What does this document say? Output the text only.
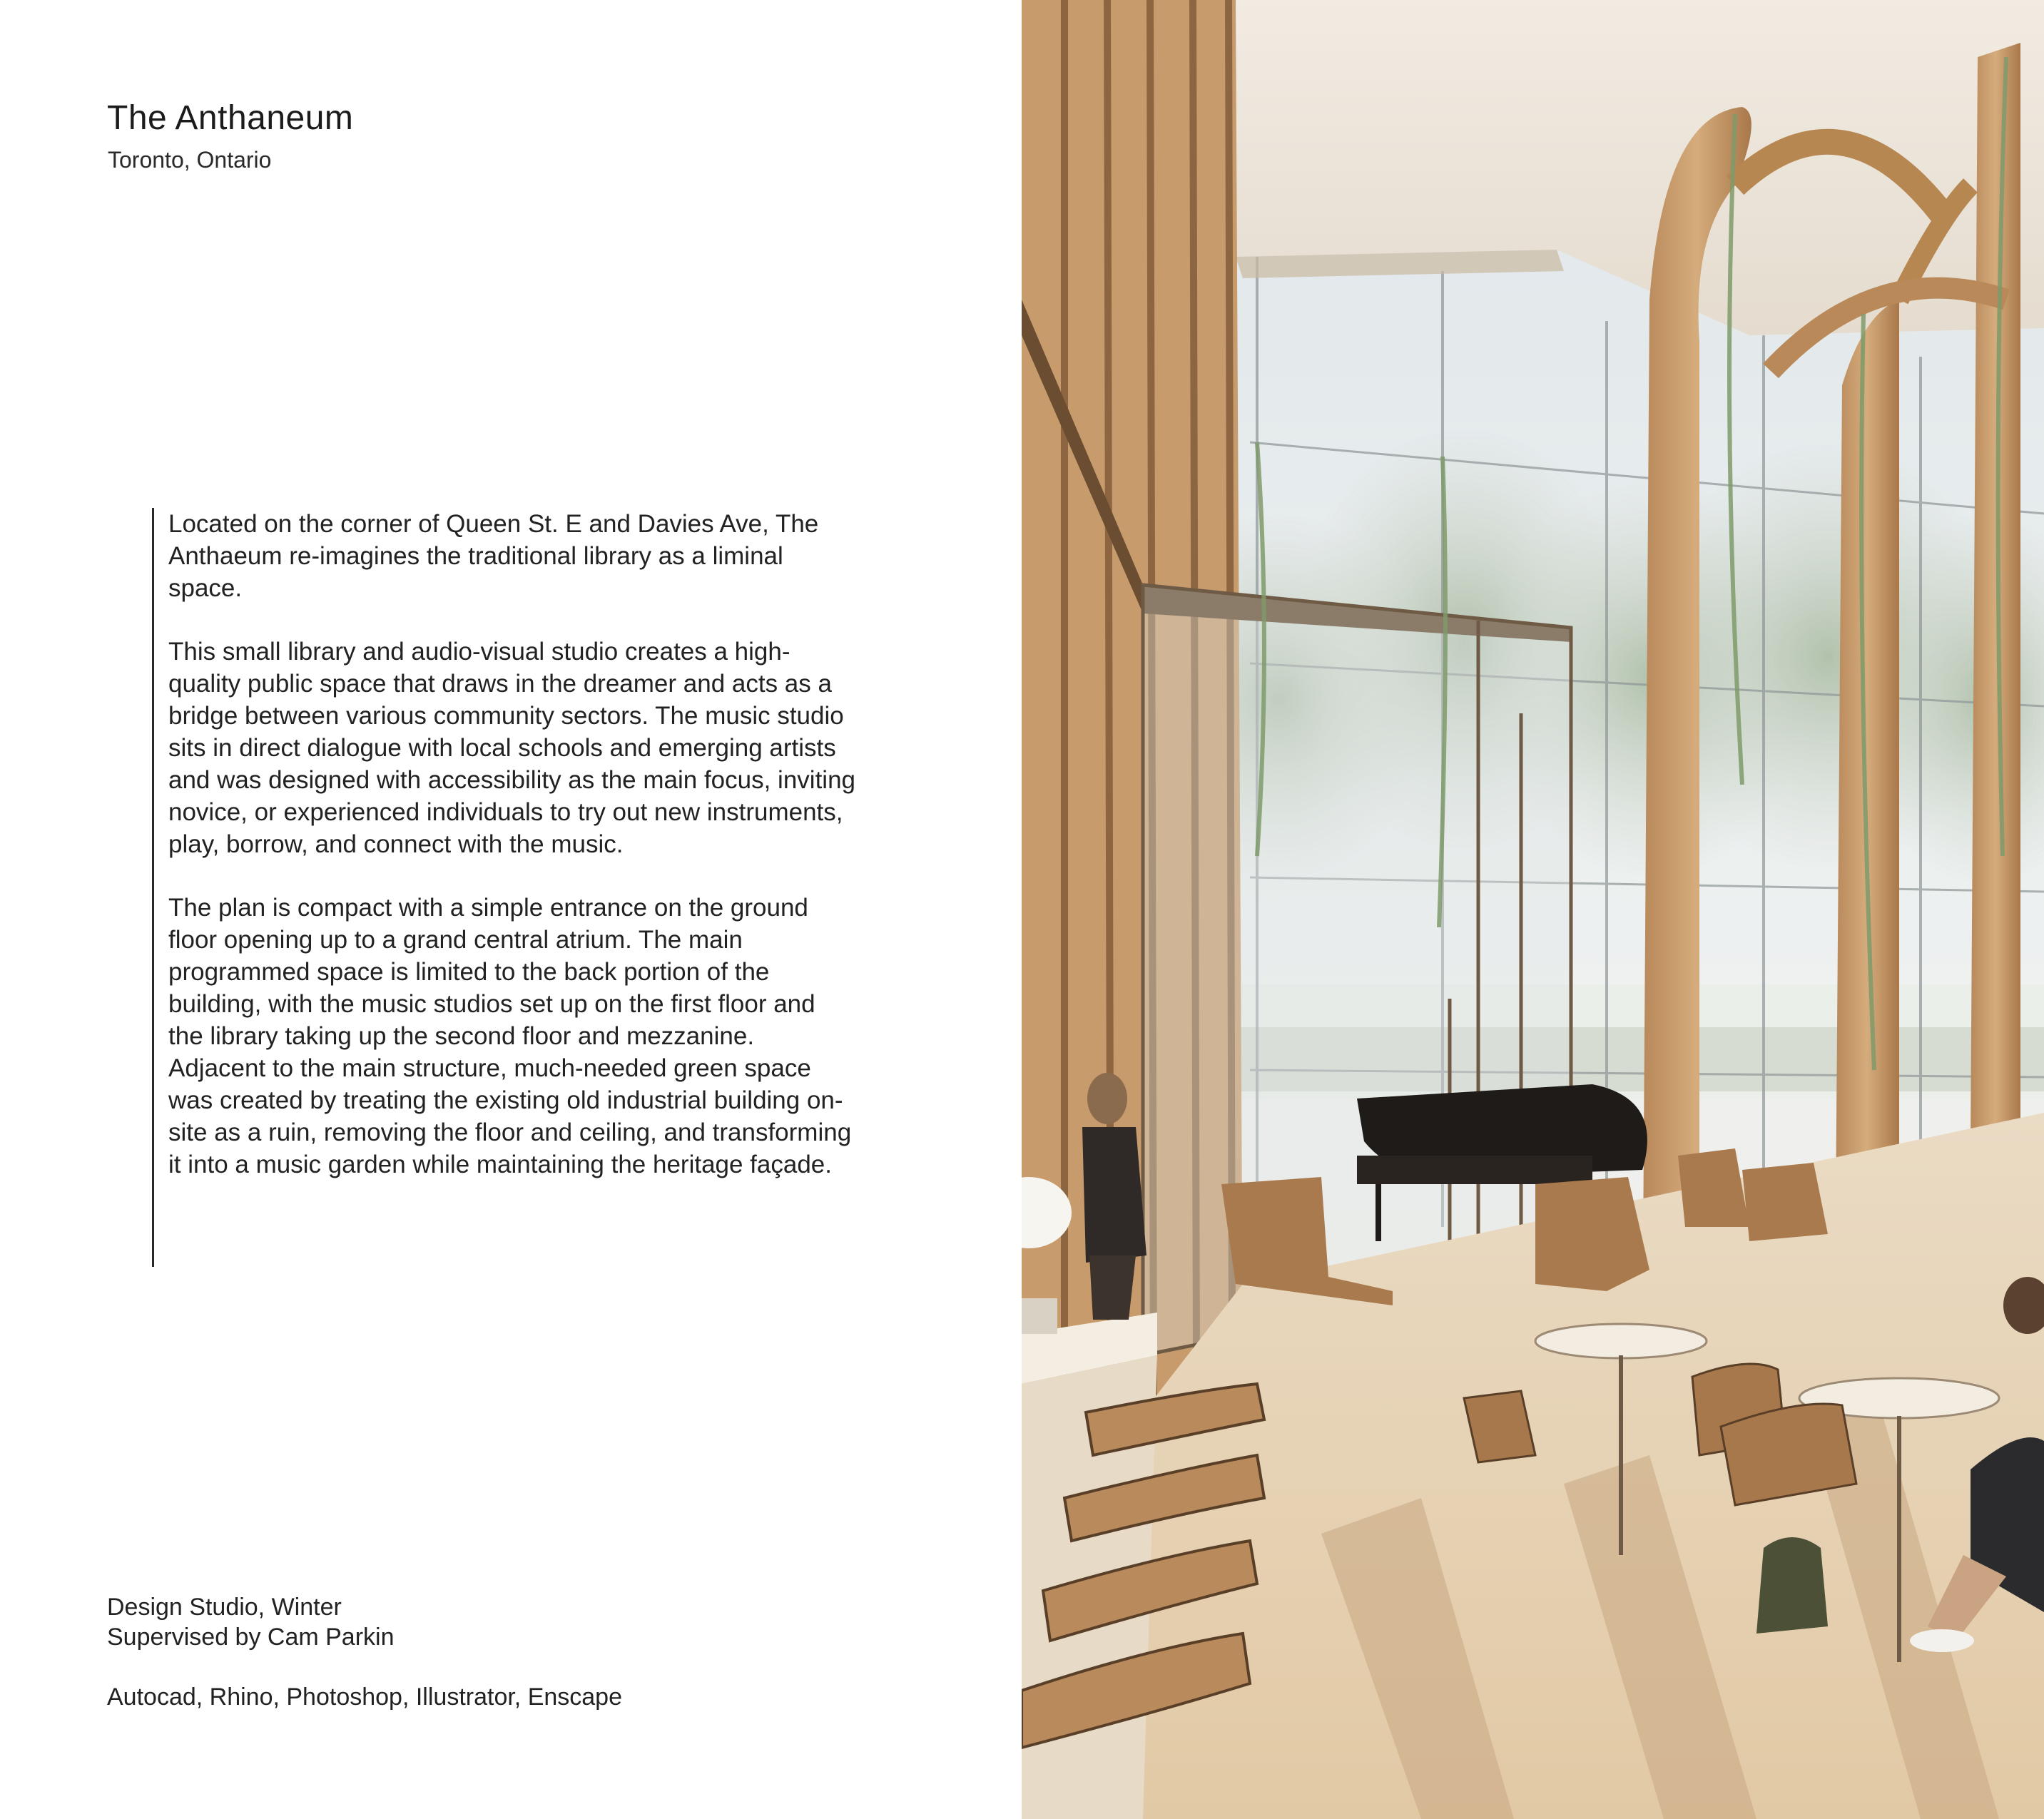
The Anthaneum
Toronto, Ontario

Located on the corner of Queen St. E and Davies Ave, The Anthaeum re-imagines the traditional library as a liminal space.

This small library and audio-visual studio creates a high-quality public space that draws in the dreamer and acts as a bridge between various community sectors. The music studio sits in direct dialogue with local schools and emerging artists and was designed with accessibility as the main focus, inviting novice, or experienced individuals to try out new instruments, play, borrow, and connect with the music.

The plan is compact with a simple entrance on the ground floor opening up to a grand central atrium. The main programmed space is limited to the back portion of the building, with the music studios set up on the first floor and the library taking up the second floor and mezzanine. Adjacent to the main structure, much-needed green space was created by treating the existing old industrial building on-site as a ruin, removing the floor and ceiling, and transforming it into a music garden while maintaining the heritage façade.

Design Studio, Winter
Supervised by Cam Parkin
Autocad, Rhino, Photoshop, Illustrator, Enscape
